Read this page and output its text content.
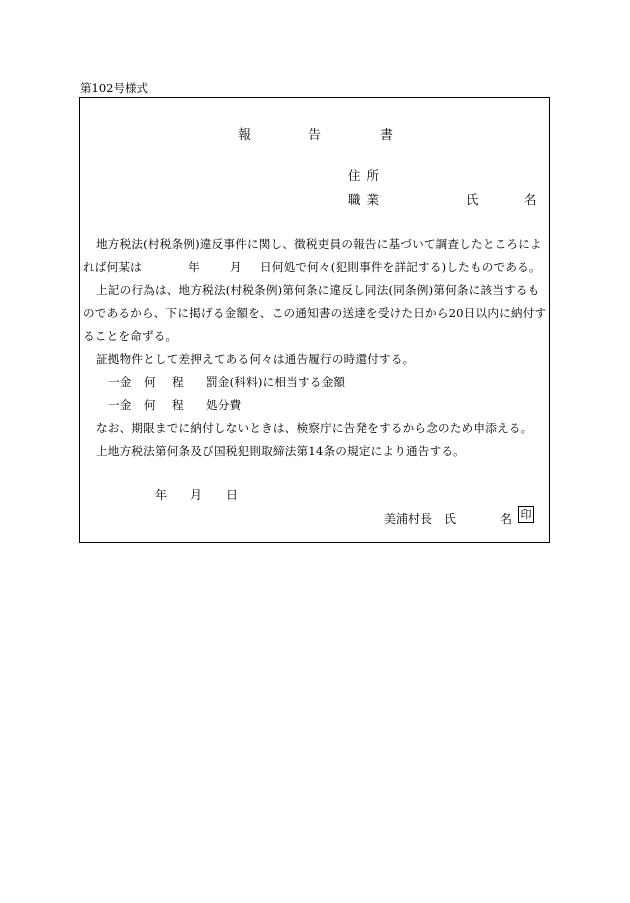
第102号様式
報	告	書
住所
職業	氏	名
地方税法(村税条例)違反事件に関し、徴税吏員の報告に基づいて調査したところによ
れば何某は	年	月 日何処で何々(犯則事件を詳記する)したものである。
上記の行為は、地方税法(村税条例)第何条に違反し同法(同条例)第何条に該当するも
のであるから、下に掲げる金額を、この通知書の送達を受けた日から20日以内に納付す
ることを命ずる。
証拠物件として差押えてある何々は通告履行の時還付する。
一金 何 程 罰金(科料)に相当する金額
一金 何 程 処分費
なお、期限までに納付しないときは、検察庁に告発をするから念のため申添える。
上地方税法第何条及び国税犯則取締法第14条の規定により通告する。
年 月 日
美浦村長 氏	名 印
